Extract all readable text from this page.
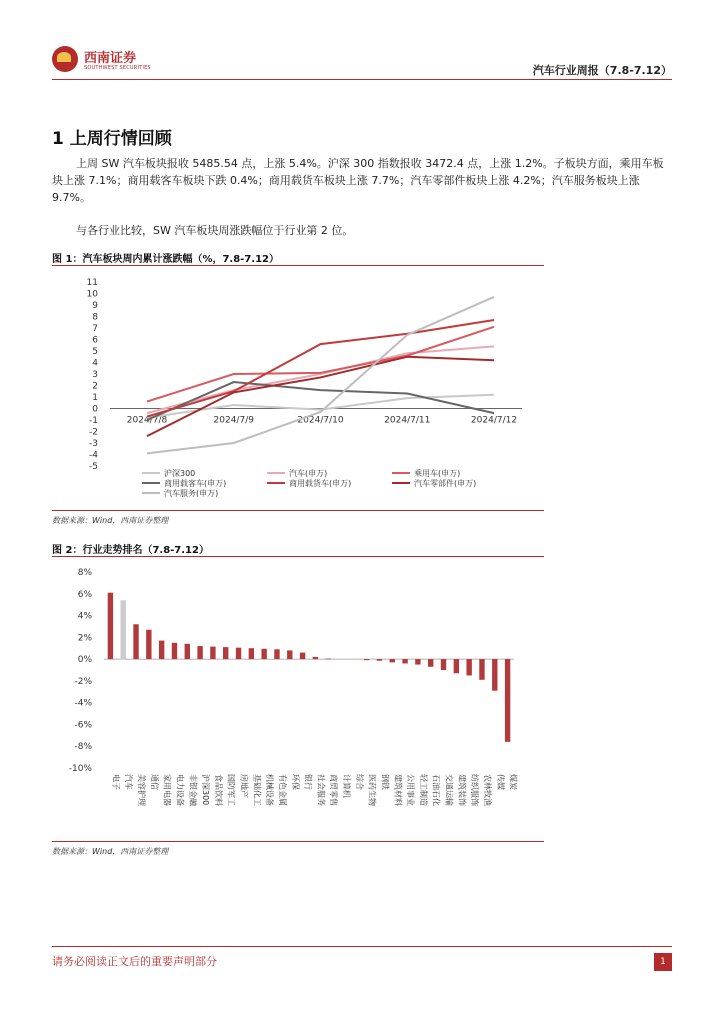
西南证券
SOUTHWEST SECURITIES	汽车行业周报（7.8-7.12）
1 上周行情回顾

上周 SW 汽车板块报收 5485.54 点，上涨 5.4%。沪深 300 指数报收 3472.4 点，上涨 1.2%。子板块方面，乘用车板块上涨 7.1%；商用载客车板块下跌 0.4%；商用载货车板块上涨 7.7%；汽车零部件板块上涨 4.2%；汽车服务板块上涨 9.7%。

与各行业比较，SW 汽车板块周涨跌幅位于行业第 2 位。

图 1：汽车板块周内累计涨跌幅（%，7.8-7.12）
11
10
9
8
7
6
5
4
3
2
1
0
-1
-2
-3
-4
-5
2024/7/8	2024/7/9	2024/7/10	2024/7/11	2024/7/12
沪深300	汽车(申万)	乘用车(申万)
商用载客车(申万)	商用载货车(申万)	汽车零部件(申万)
汽车服务(申万)
数据来源：Wind，西南证券整理
图 2：行业走势排名（7.8-7.12）
8%
6%
4%
2%
0%
-2%
-4%
-6%
-8%
-10%
电子 汽车 美容护理 通信 家用电器 电力设备 非银金融 沪深300 食品饮料 国防军工 房地产 基础化工 机械设备 有色金属 环保 银行 社会服务 商贸零售 计算机 综合 医药生物 钢铁 建筑材料 公用事业 轻工制造 石油石化 交通运输 建筑装饰 纺织服饰 农林牧渔 传媒 煤炭
数据来源：Wind，西南证券整理
请务必阅读正文后的重要声明部分	1
